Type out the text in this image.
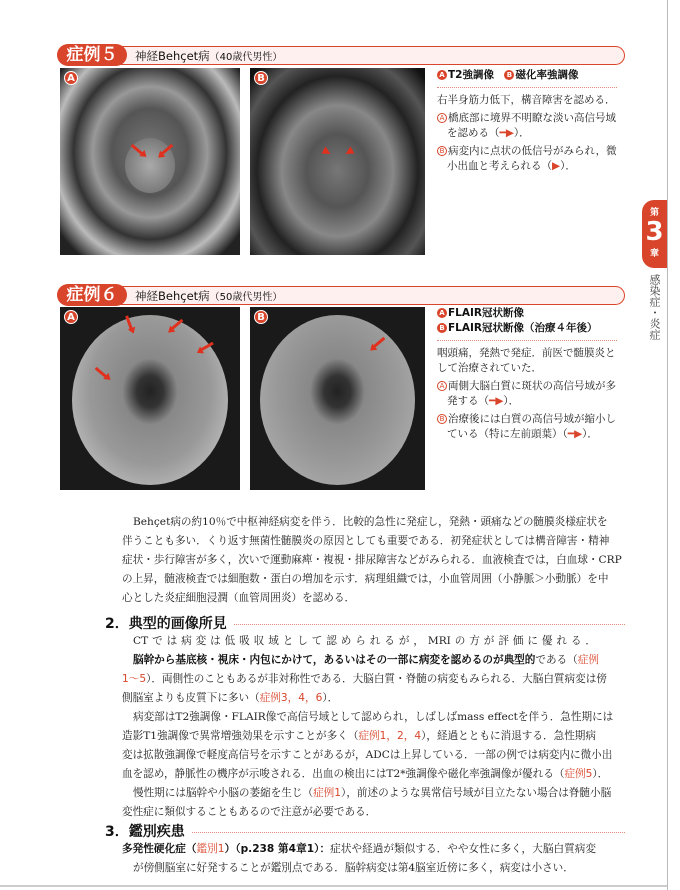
症例５	神経Behçet病（40歳代男性）
A	B	A T2強調像　 B 磁化率強調像

右半身筋力低下，構音障害を認める．

A 橋底部に境界不明瞭な淡い高信号域を認める（━▶）．

B 病変内に点状の低信号がみられ，微小出血と考えられる（▶）．

第
3
章
感染症・炎症
症例６	神経Behçet病（50歳代男性）
A	B	A FLAIR冠状断像
B FLAIR冠状断像（治療４年後）

咽頭痛，発熱で発症．前医で髄膜炎として治療されていた．

A 両側大脳白質に斑状の高信号域が多発する（━▶）．

B 治療後には白質の高信号域が縮小している（特に左前頭葉）（━▶）．

Behçet病の約10％で中枢神経病変を伴う．比較的急性に発症し，発熱・頭痛などの髄膜炎様症状を
伴うことも多い．くり返す無菌性髄膜炎の原因としても重要である．初発症状としては構音障害・精神
症状・歩行障害が多く，次いで運動麻痺・複視・排尿障害などがみられる．血液検査では，白血球・CRP
の上昇，髄液検査では細胞数・蛋白の増加を示す．病理組織では，小血管周囲（小静脈＞小動脈）を中
心とした炎症細胞浸潤（血管周囲炎）を認める．
2．典型的画像所見
CTでは病変は低吸収域として認められるが，MRIの方が評価に優れる．
脳幹から基底核・視床・内包にかけて，あるいはその一部に病変を認めるのが典型的である（症例
1～5）．両側性のこともあるが非対称性である．大脳白質・脊髄の病変もみられる．大脳白質病変は傍
側脳室よりも皮質下に多い（症例3，4，6）．
病変部はT2強調像・FLAIR像で高信号域として認められ，しばしばmass effectを伴う．急性期には
造影T1強調像で異常増強効果を示すことが多く（症例1，2，4），経過とともに消退する．急性期病
変は拡散強調像で軽度高信号を示すことがあるが，ADCは上昇している．一部の例では病変内に微小出
血を認め，静脈性の機序が示唆される．出血の検出にはT2*強調像や磁化率強調像が優れる（症例5）．
慢性期には脳幹や小脳の萎縮を生じ（症例1），前述のような異常信号域が目立たない場合は脊髄小脳
変性症に類似することもあるので注意が必要である．
3．鑑別疾患
多発性硬化症（鑑別1）（p.238 第4章1）：症状や経過が類似する．やや女性に多く，大脳白質病変
が傍側脳室に好発することが鑑別点である．脳幹病変は第4脳室近傍に多く，病変は小さい．
